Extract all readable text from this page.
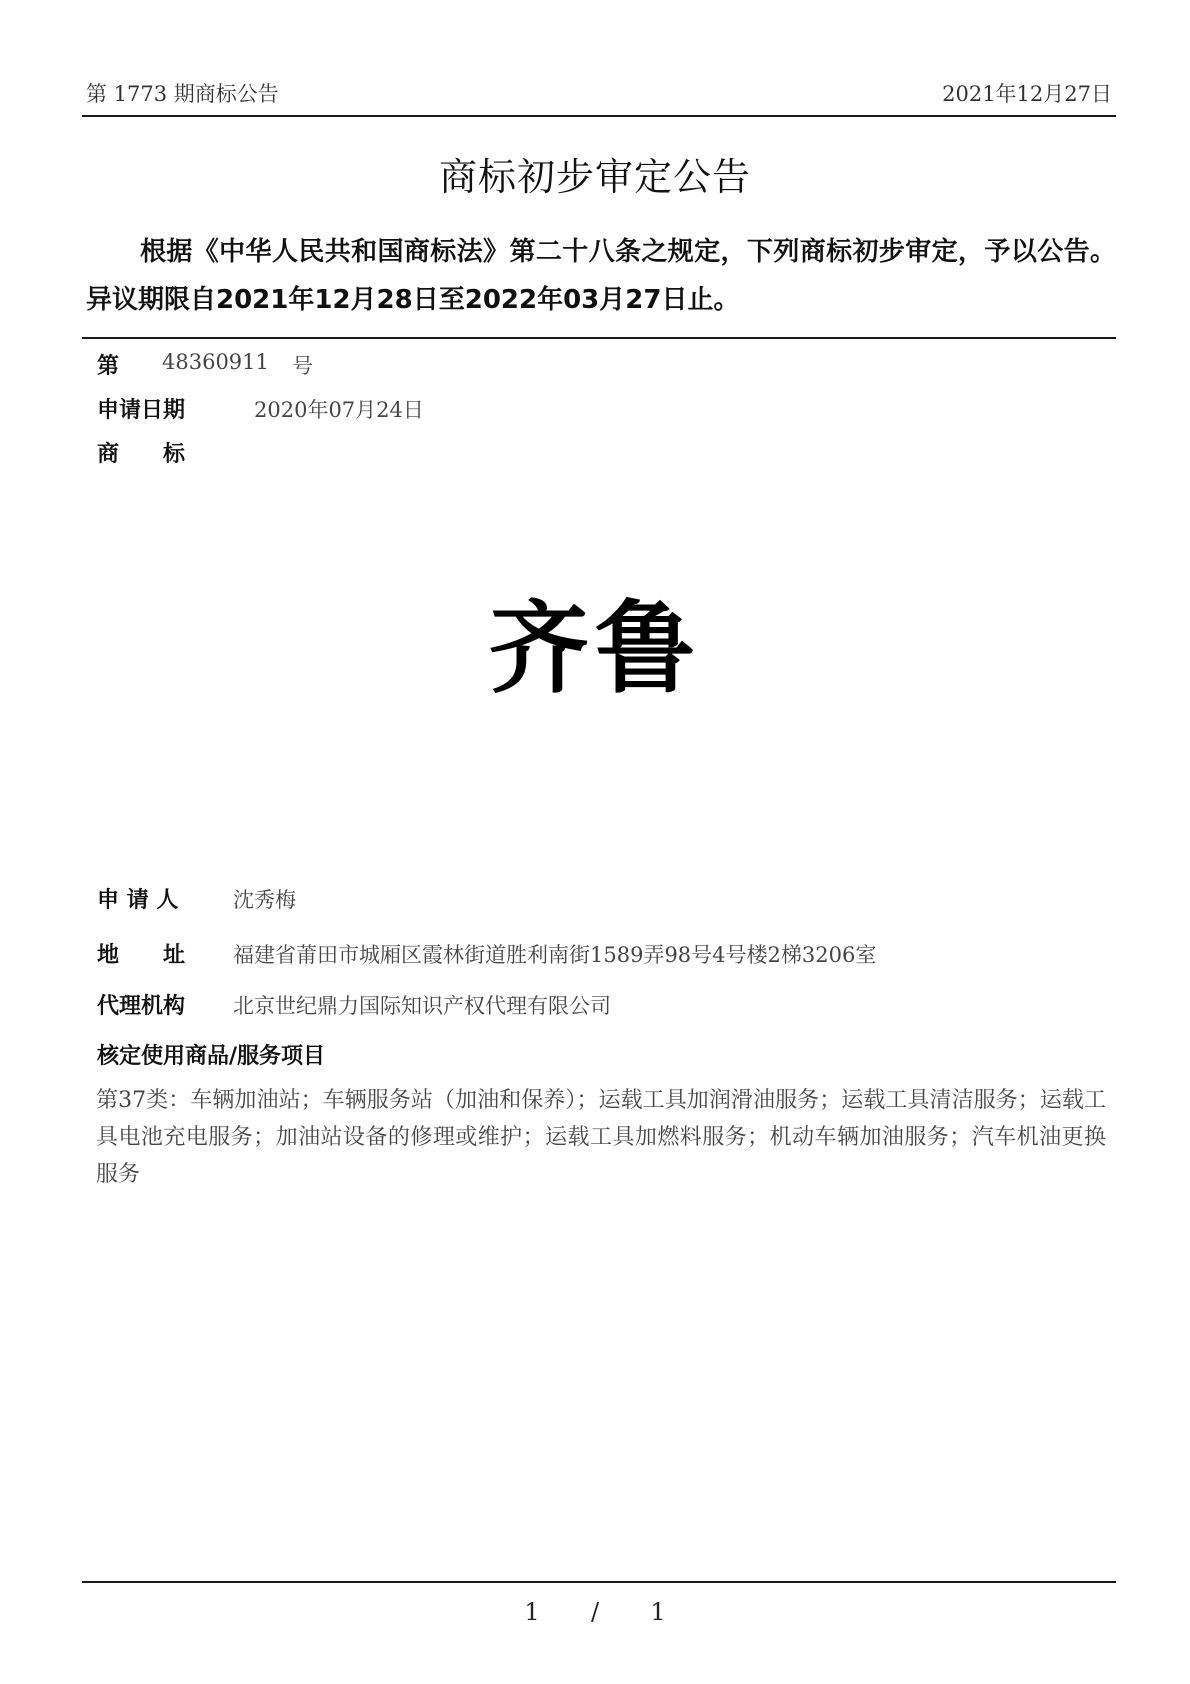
第 1773 期商标公告	2021年12月27日
商标初步审定公告
根据《中华人民共和国商标法》第二十八条之规定，下列商标初步审定，予以公告。异议期限自2021年12月28日至2022年03月27日止。
第 48360911 号
申请日期	2020年07月24日
商　　标
齐鲁
申 请 人	沈秀梅
地　　址 福建省莆田市城厢区霞林街道胜利南街1589弄98号4号楼2梯3206室
代理机构 北京世纪鼎力国际知识产权代理有限公司
核定使用商品/服务项目
第37类：车辆加油站；车辆服务站（加油和保养）；运载工具加润滑油服务；运载工具清洁服务；运载工具电池充电服务；加油站设备的修理或维护；运载工具加燃料服务；机动车辆加油服务；汽车机油更换服务
1 / 1
